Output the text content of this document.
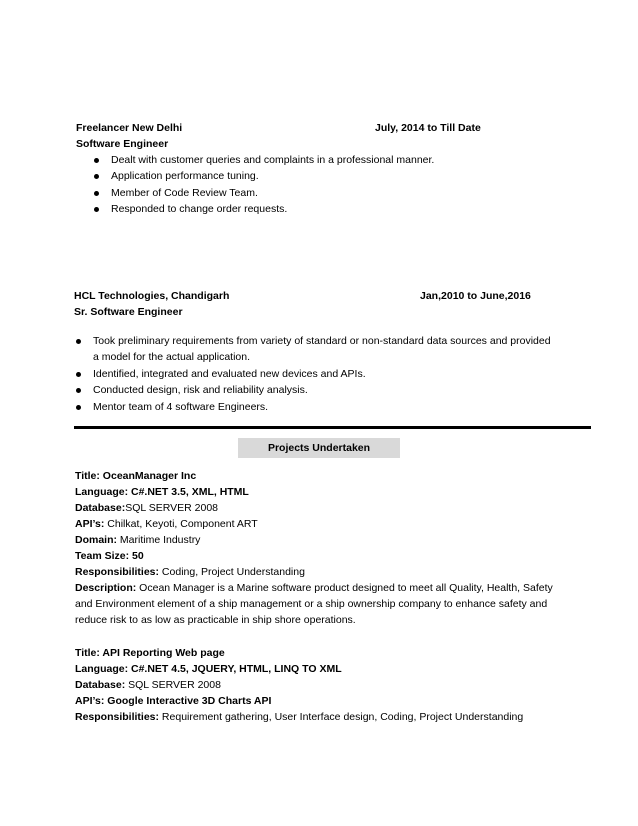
Freelancer New Delhi	July, 2014 to Till Date
Software Engineer
Dealt with customer queries and complaints in a professional manner.
Application performance tuning.
Member of Code Review Team.
Responded to change order requests.
HCL Technologies, Chandigarh	Jan,2010 to June,2016
Sr. Software Engineer
Took preliminary requirements from variety of standard or non-standard data sources and provided
a model for the actual application.
Identified, integrated and evaluated new devices and APIs.
Conducted design, risk and reliability analysis.
Mentor team of 4 software Engineers.
Projects Undertaken
Title: OceanManager Inc
Language: C#.NET 3.5, XML, HTML
Database:SQL SERVER 2008
API’s: Chilkat, Keyoti, Component ART
Domain: Maritime Industry
Team Size: 50
Responsibilities: Coding, Project Understanding
Description: Ocean Manager is a Marine software product designed to meet all Quality, Health, Safety
and Environment element of a ship management or a ship ownership company to enhance safety and
reduce risk to as low as practicable in ship shore operations.
Title: API Reporting Web page
Language: C#.NET 4.5, JQUERY, HTML, LINQ TO XML
Database: SQL SERVER 2008
API’s: Google Interactive 3D Charts API
Responsibilities: Requirement gathering, User Interface design, Coding, Project Understanding
